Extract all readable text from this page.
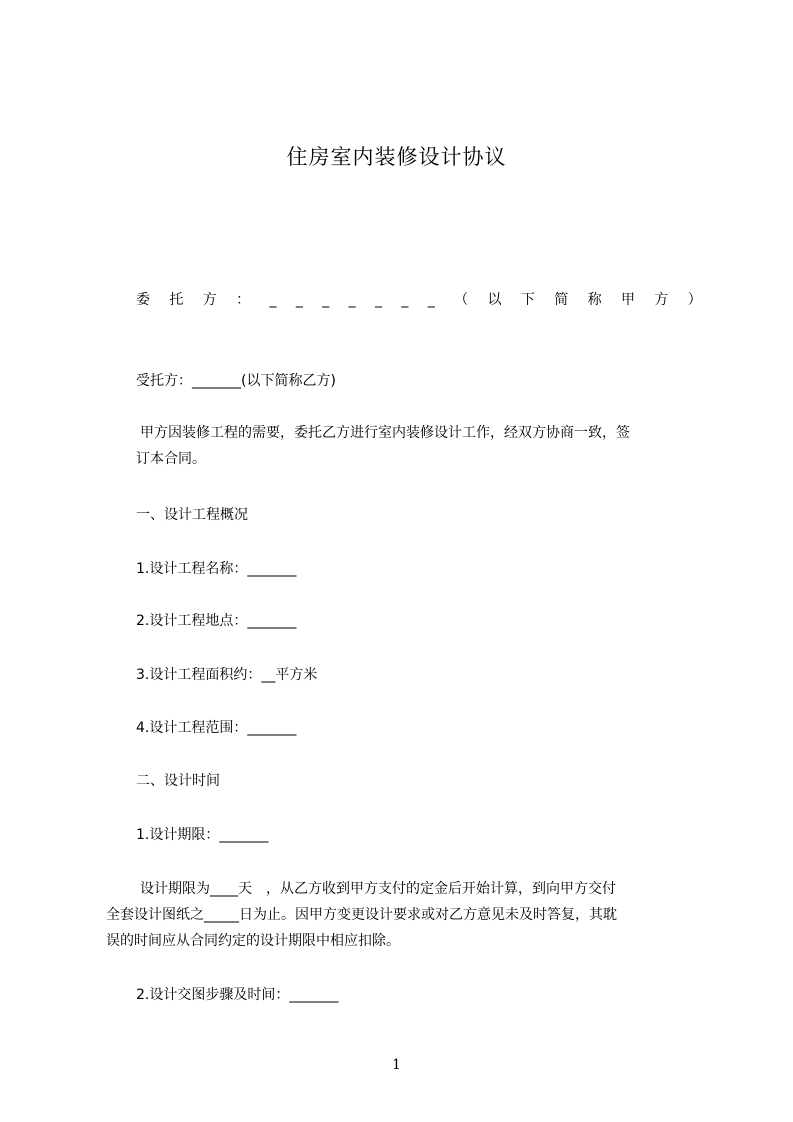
住房室内装修设计协议
委 托 方 ： _ _ _ _ _ _ _ （ 以 下 简 称 甲 方 ）
受托方：_______(以下简称乙方)
甲方因装修工程的需要，委托乙方进行室内装修设计工作，经双方协商一致，签
订本合同。
一、设计工程概况
1.设计工程名称：_______
2.设计工程地点：_______
3.设计工程面积约：__平方米
4.设计工程范围：_______
二、设计时间
1.设计期限：_______
设计期限为____天　，从乙方收到甲方支付的定金后开始计算，到向甲方交付
全套设计图纸之_____日为止。因甲方变更设计要求或对乙方意见未及时答复，其耽
误的时间应从合同约定的设计期限中相应扣除。
2.设计交图步骤及时间：_______
1
